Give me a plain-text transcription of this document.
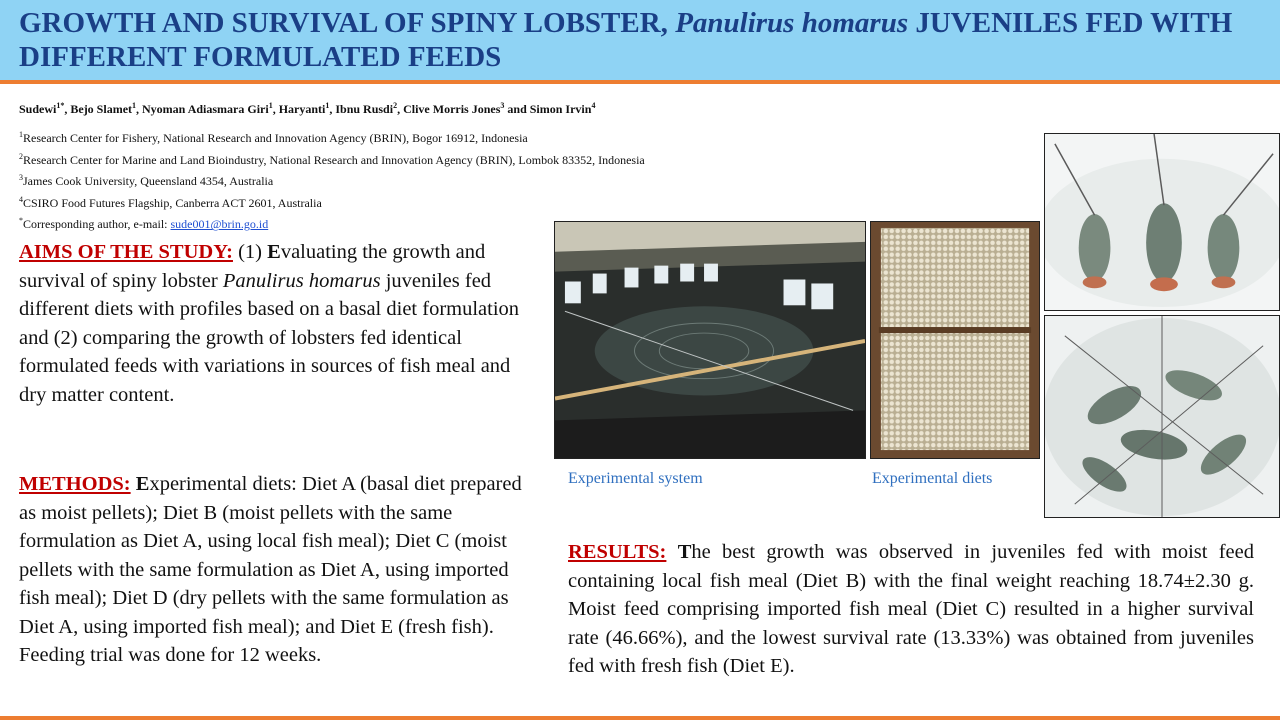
GROWTH AND SURVIVAL OF SPINY LOBSTER, Panulirus homarus JUVENILES FED WITH DIFFERENT FORMULATED FEEDS
Sudewi$^{1*}$, Bejo Slamet$^1$, Nyoman Adiasmara Giri$^1$, Haryanti$^1$, Ibnu Rusdi$^2$, Clive Morris Jones$^3$ and Simon Irvin$^4$
$^1$Research Center for Fishery, National Research and Innovation Agency (BRIN), Bogor 16912, Indonesia
$^2$Research Center for Marine and Land Bioindustry, National Research and Innovation Agency (BRIN), Lombok 83352, Indonesia
$^3$James Cook University, Queensland 4354, Australia
$^4$CSIRO Food Futures Flagship, Canberra ACT 2601, Australia
*Corresponding author, e-mail: sude001@brin.go.id
AIMS OF THE STUDY: (1) Evaluating the growth and survival of spiny lobster Panulirus homarus juveniles fed different diets with profiles based on a basal diet formulation and (2) comparing the growth of lobsters fed identical formulated feeds with variations in sources of fish meal and dry matter content.
METHODS: Experimental diets: Diet A (basal diet prepared as moist pellets); Diet B (moist pellets with the same formulation as Diet A, using local fish meal); Diet C (moist pellets with the same formulation as Diet A, using imported fish meal); Diet D (dry pellets with the same formulation as Diet A, using imported fish meal); and Diet E (fresh fish). Feeding trial was done for 12 weeks.
RESULTS: The best growth was observed in juveniles fed with moist feed containing local fish meal (Diet B) with the final weight reaching 18.74±2.30 g. Moist feed comprising imported fish meal (Diet C) resulted in a higher survival rate (46.66%), and the lowest survival rate (13.33%) was obtained from juveniles fed with fresh fish (Diet E).
Experimental system	Experimental diets
